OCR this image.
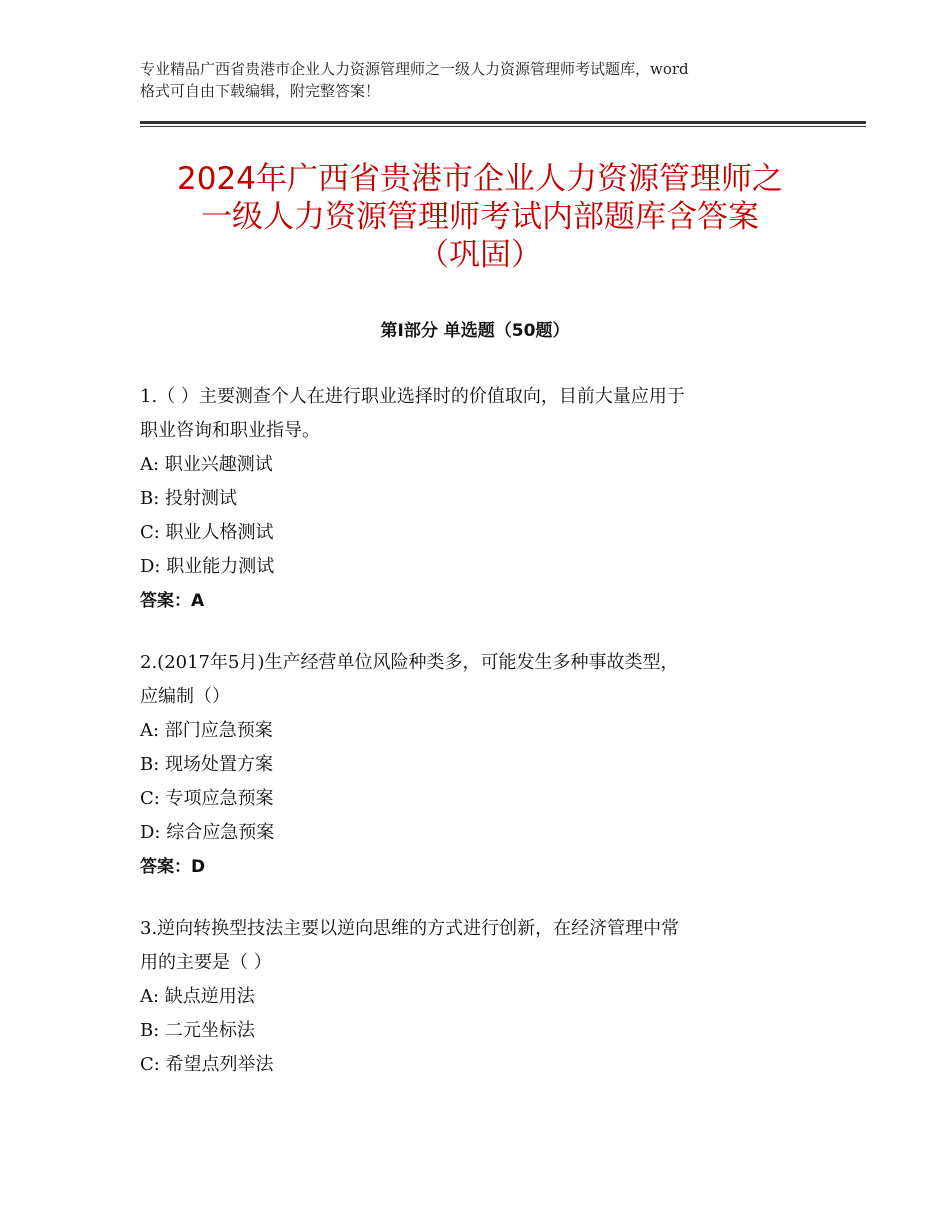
专业精品广西省贵港市企业人力资源管理师之一级人力资源管理师考试题库，word
格式可自由下载编辑，附完整答案！
2024年广西省贵港市企业人力资源管理师之
一级人力资源管理师考试内部题库含答案
（巩固）
第Ⅰ部分 单选题（50题）
1.（ ）主要测查个人在进行职业选择时的价值取向，目前大量应用于
职业咨询和职业指导。
A: 职业兴趣测试
B: 投射测试
C: 职业人格测试
D: 职业能力测试
答案：A
2.(2017年5月)生产经营单位风险种类多，可能发生多种事故类型，
应编制（）
A: 部门应急预案
B: 现场处置方案
C: 专项应急预案
D: 综合应急预案
答案：D
3.逆向转换型技法主要以逆向思维的方式进行创新，在经济管理中常
用的主要是（ ）
A: 缺点逆用法
B: 二元坐标法
C: 希望点列举法
